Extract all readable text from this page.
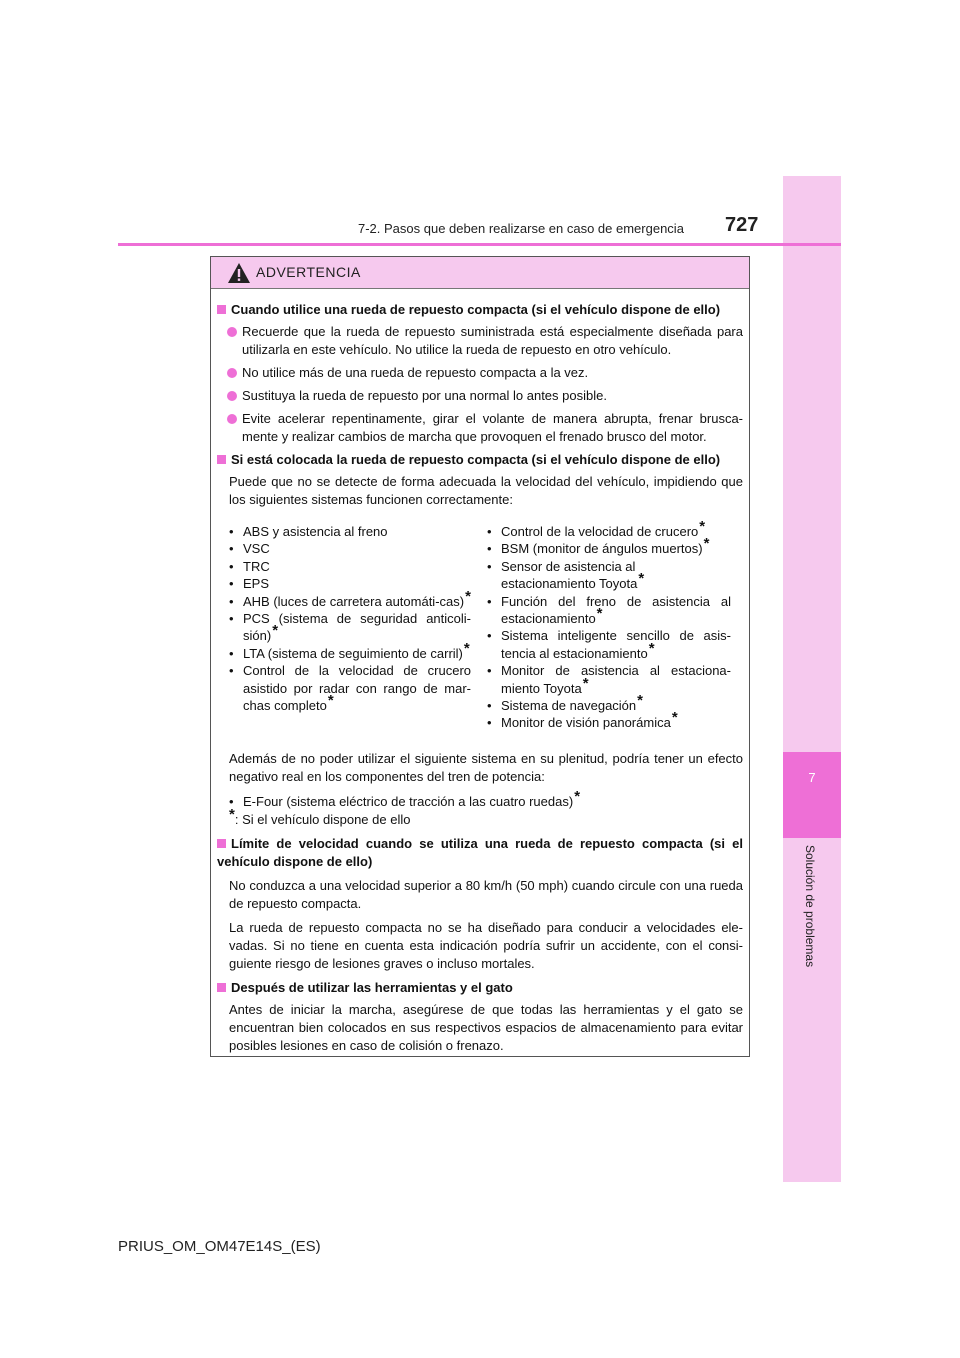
7
Solución de problemas
7-2. Pasos que deben realizarse en caso de emergencia 727
ADVERTENCIA
Cuando utilice una rueda de repuesto compacta (si el vehículo dispone de ello)
Recuerde que la rueda de repuesto suministrada está especialmente diseñada para utilizarla en este vehículo. No utilice la rueda de repuesto en otro vehículo.
No utilice más de una rueda de repuesto compacta a la vez.
Sustituya la rueda de repuesto por una normal lo antes posible.
Evite acelerar repentinamente, girar el volante de manera abrupta, frenar brusca-mente y realizar cambios de marcha que provoquen el frenado brusco del motor.
Si está colocada la rueda de repuesto compacta (si el vehículo dispone de ello)
Puede que no se detecte de forma adecuada la velocidad del vehículo, impidiendo que los siguientes sistemas funcionen correctamente:
• ABS y asistencia al freno
• VSC
• TRC
• EPS
• AHB (luces de carretera automáti-cas)*
• PCS (sistema de seguridad anticoli-sión)*
• LTA (sistema de seguimiento de carril)*
• Control de la velocidad de crucero asistido por radar con rango de mar-chas completo*
• Control de la velocidad de crucero*
• BSM (monitor de ángulos muertos)*
• Sensor de asistencia al estacionamiento Toyota*
• Función del freno de asistencia al estacionamiento*
• Sistema inteligente sencillo de asis-tencia al estacionamiento*
• Monitor de asistencia al estaciona-miento Toyota*
• Sistema de navegación*
• Monitor de visión panorámica*
Además de no poder utilizar el siguiente sistema en su plenitud, podría tener un efecto negativo real en los componentes del tren de potencia:
• E-Four (sistema eléctrico de tracción a las cuatro ruedas)*
*: Si el vehículo dispone de ello
Límite de velocidad cuando se utiliza una rueda de repuesto compacta (si el vehículo dispone de ello)
No conduzca a una velocidad superior a 80 km/h (50 mph) cuando circule con una rueda de repuesto compacta.
La rueda de repuesto compacta no se ha diseñado para conducir a velocidades ele-vadas. Si no tiene en cuenta esta indicación podría sufrir un accidente, con el consi-guiente riesgo de lesiones graves o incluso mortales.
Después de utilizar las herramientas y el gato
Antes de iniciar la marcha, asegúrese de que todas las herramientas y el gato se encuentran bien colocados en sus respectivos espacios de almacenamiento para evitar posibles lesiones en caso de colisión o frenazo.
PRIUS_OM_OM47E14S_(ES)
